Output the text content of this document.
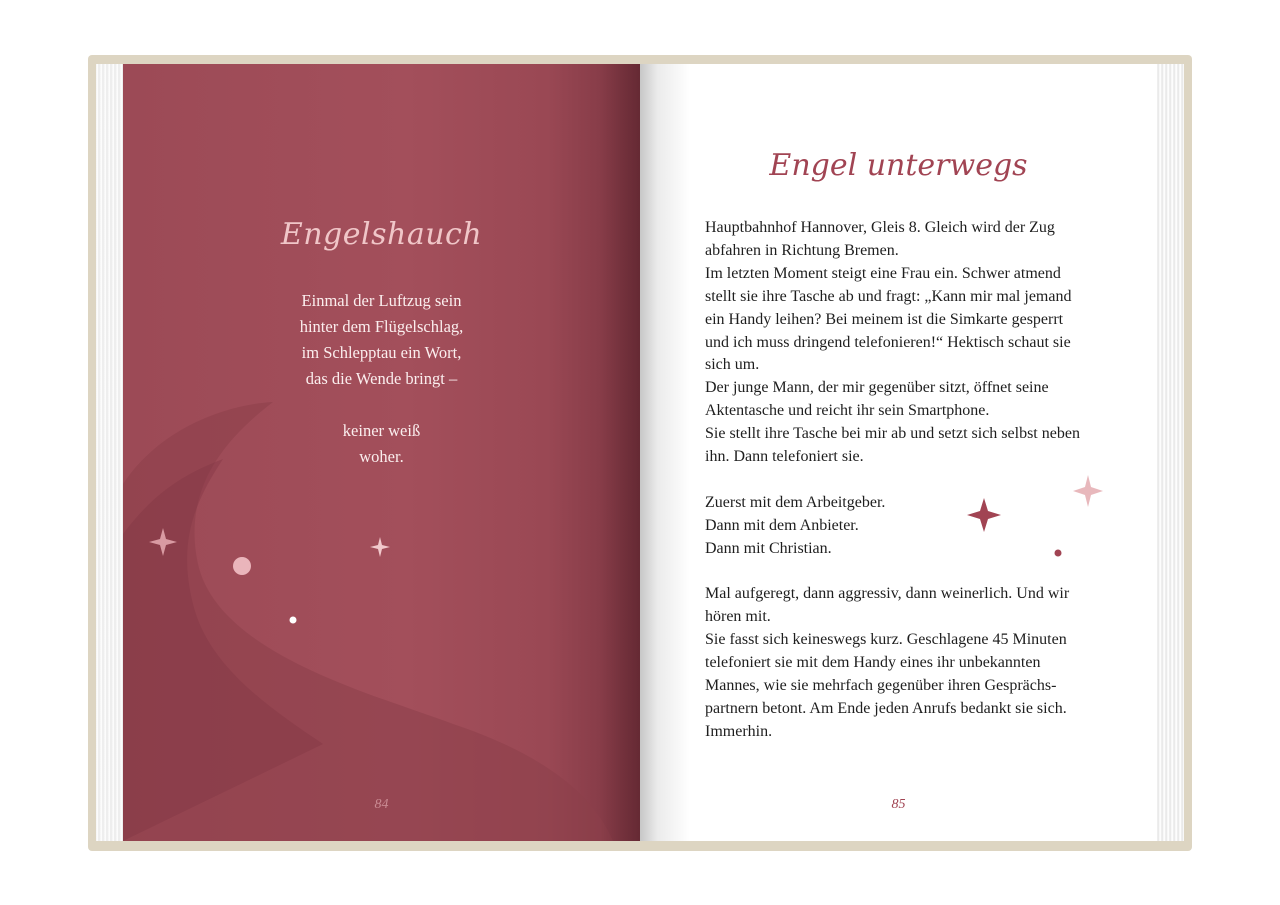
Engelshauch
Einmal der Luftzug sein
hinter dem Flügelschlag,
im Schlepptau ein Wort,
das die Wende bringt –
keiner weiß
woher.
84
Engel unterwegs
Hauptbahnhof Hannover, Gleis 8. Gleich wird der Zug
abfahren in Richtung Bremen.
Im letzten Moment steigt eine Frau ein. Schwer atmend
stellt sie ihre Tasche ab und fragt: „Kann mir mal jemand
ein Handy leihen? Bei meinem ist die Simkarte gesperrt
und ich muss dringend telefonieren!“ Hektisch schaut sie
sich um.
Der junge Mann, der mir gegenüber sitzt, öffnet seine
Aktentasche und reicht ihr sein Smartphone.
Sie stellt ihre Tasche bei mir ab und setzt sich selbst neben
ihn. Dann telefoniert sie.
Zuerst mit dem Arbeitgeber.
Dann mit dem Anbieter.
Dann mit Christian.
Mal aufgeregt, dann aggressiv, dann weinerlich. Und wir
hören mit.
Sie fasst sich keineswegs kurz. Geschlagene 45 Minuten
telefoniert sie mit dem Handy eines ihr unbekannten
Mannes, wie sie mehrfach gegenüber ihren Gesprächs-
partnern betont. Am Ende jeden Anrufs bedankt sie sich.
Immerhin.
85
